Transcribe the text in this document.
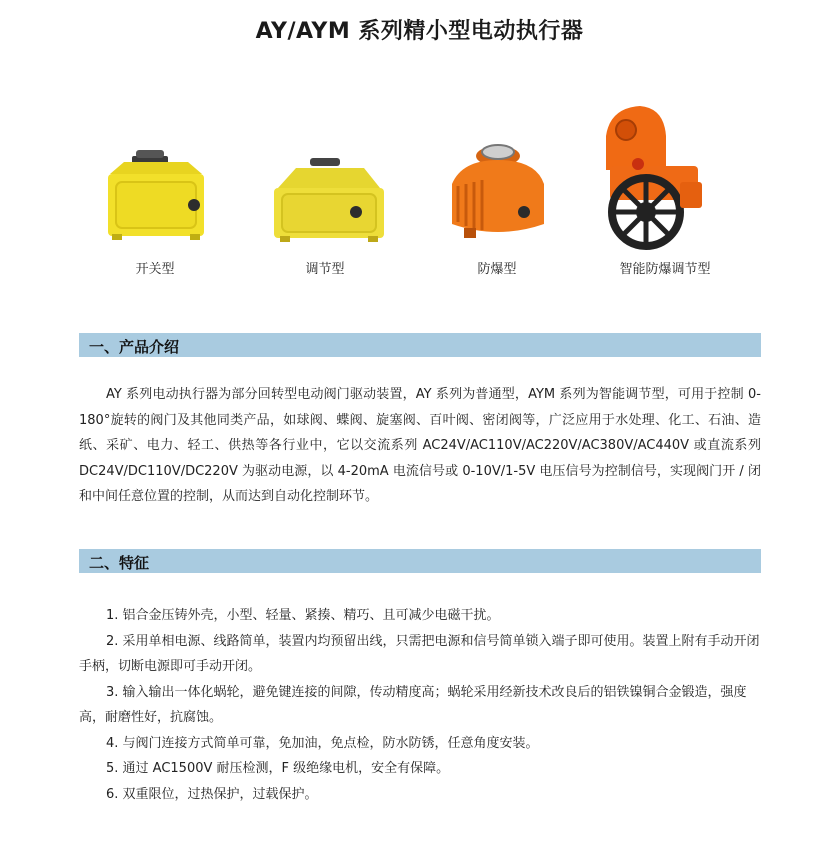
AY/AYM 系列精小型电动执行器
开关型	调节型	防爆型	智能防爆调节型
一、产品介绍
AY 系列电动执行器为部分回转型电动阀门驱动装置，AY 系列为普通型，AYM 系列为智能调节型，可用于控制 0-180°旋转的阀门及其他同类产品，如球阀、蝶阀、旋塞阀、百叶阀、密闭阀等，广泛应用于水处理、化工、石油、造纸、采矿、电力、轻工、供热等各行业中，它以交流系列 AC24V/AC110V/AC220V/AC380V/AC440V 或直流系列 DC24V/DC110V/DC220V 为驱动电源，以 4-20mA 电流信号或 0-10V/1-5V 电压信号为控制信号，实现阀门开 / 闭和中间任意位置的控制，从而达到自动化控制环节。
二、特征

1. 铝合金压铸外壳，小型、轻量、紧揍、精巧、且可减少电磁干扰。

2. 采用单相电源、线路简单，装置内均预留出线，只需把电源和信号简单锁入端子即可使用。装置上附有手动开闭手柄，切断电源即可手动开闭。

3. 输入输出一体化蜗轮，避免键连接的间隙，传动精度高；蜗轮采用经新技术改良后的铝铁镍铜合金锻造，强度高，耐磨性好，抗腐蚀。

4. 与阀门连接方式简单可靠，免加油，免点检，防水防锈，任意角度安装。

5. 通过 AC1500V 耐压检测，F 级绝缘电机，安全有保障。

6. 双重限位，过热保护，过载保护。
